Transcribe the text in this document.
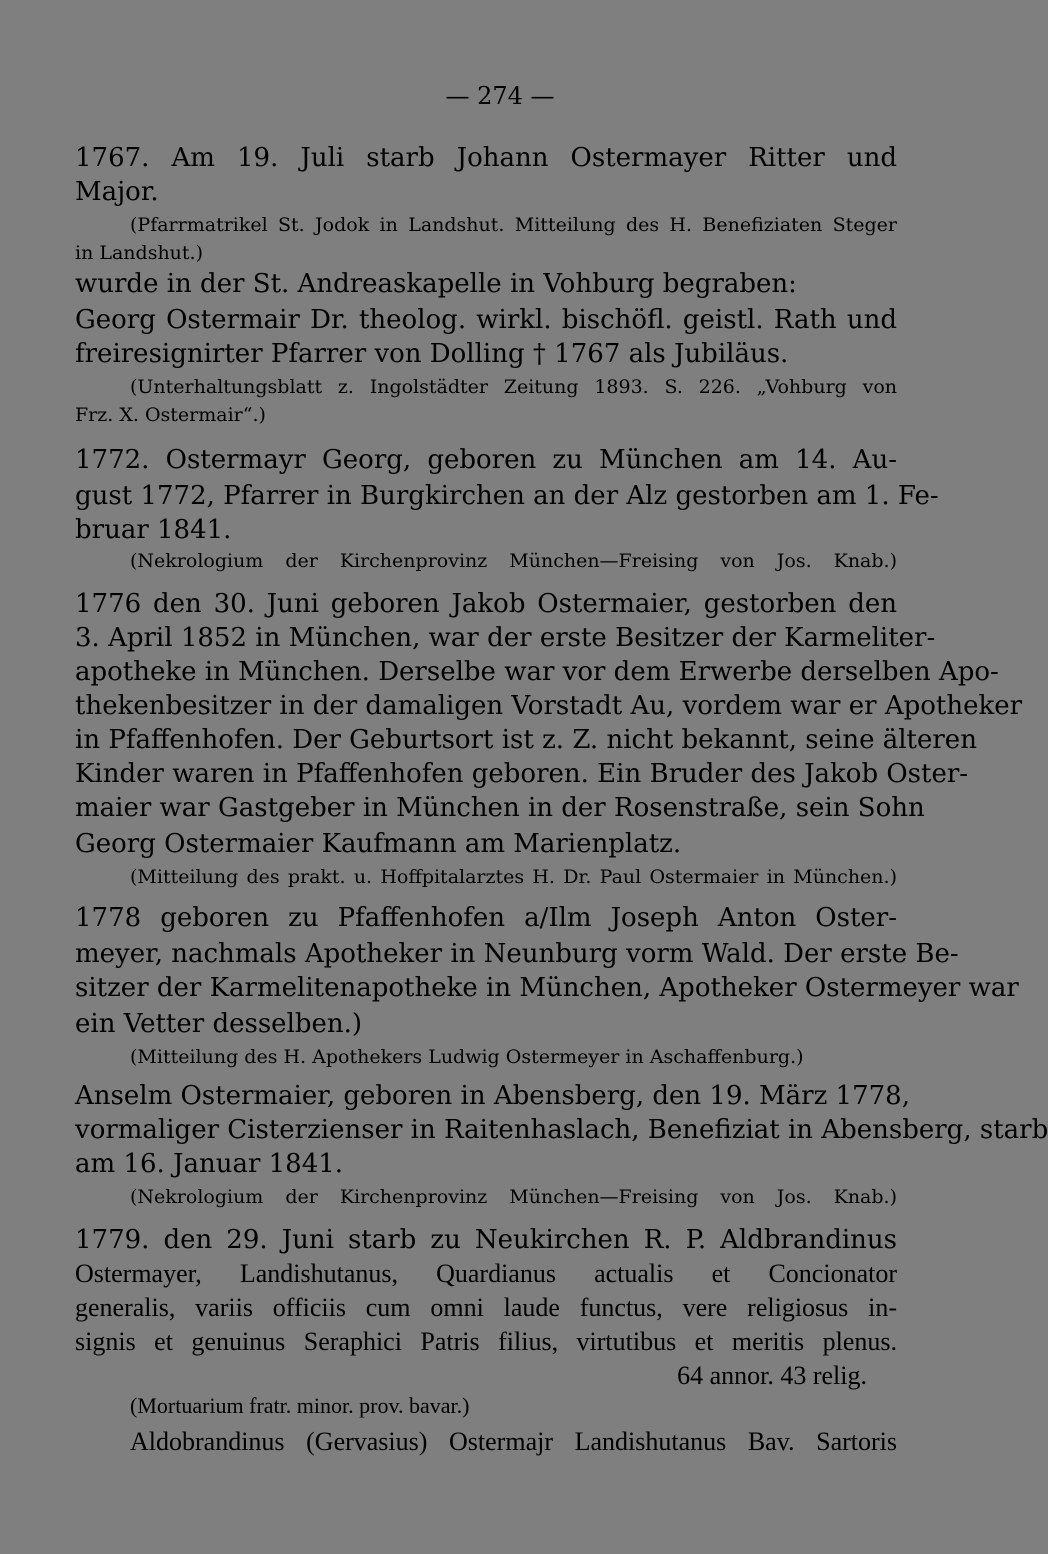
— 274 —
1767. Am 19. Juli starb Johann Ostermayer Ritter und
Major.
(Pfarrmatrikel St. Jodok in Landshut. Mitteilung des H. Benefiziaten Steger
in Landshut.)
wurde in der St. Andreaskapelle in Vohburg begraben:
Georg Ostermair Dr. theolog. wirkl. bischöfl. geistl. Rath und
freiresignirter Pfarrer von Dolling † 1767 als Jubiläus.
(Unterhaltungsblatt z. Ingolstädter Zeitung 1893. S. 226. „Vohburg von
Frz. X. Ostermair“.)
1772. Ostermayr Georg, geboren zu München am 14. Au-
gust 1772, Pfarrer in Burgkirchen an der Alz gestorben am 1. Fe-
bruar 1841.
(Nekrologium der Kirchenprovinz München—Freising von Jos. Knab.)
1776 den 30. Juni geboren Jakob Ostermaier, gestorben den
3. April 1852 in München, war der erste Besitzer der Karmeliter-
apotheke in München. Derselbe war vor dem Erwerbe derselben Apo-
thekenbesitzer in der damaligen Vorstadt Au, vordem war er Apotheker
in Pfaffenhofen. Der Geburtsort ist z. Z. nicht bekannt, seine älteren
Kinder waren in Pfaffenhofen geboren. Ein Bruder des Jakob Oster-
maier war Gastgeber in München in der Rosenstraße, sein Sohn
Georg Ostermaier Kaufmann am Marienplatz.
(Mitteilung des prakt. u. Hoffpitalarztes H. Dr. Paul Ostermaier in München.)
1778 geboren zu Pfaffenhofen a/Ilm Joseph Anton Oster-
meyer, nachmals Apotheker in Neunburg vorm Wald. Der erste Be-
sitzer der Karmelitenapotheke in München, Apotheker Ostermeyer war
ein Vetter desselben.)
(Mitteilung des H. Apothekers Ludwig Ostermeyer in Aschaffenburg.)
Anselm Ostermaier, geboren in Abensberg, den 19. März 1778,
vormaliger Cisterzienser in Raitenhaslach, Benefiziat in Abensberg, starb
am 16. Januar 1841.
(Nekrologium der Kirchenprovinz München—Freising von Jos. Knab.)
1779. den 29. Juni starb zu Neukirchen R. P. Aldbrandinus
Ostermayer, Landishutanus, Quardianus actualis et Concionator
generalis, variis officiis cum omni laude functus, vere religiosus in-
signis et genuinus Seraphici Patris filius, virtutibus et meritis plenus.
64 annor. 43 relig.
(Mortuarium fratr. minor. prov. bavar.)
Aldobrandinus (Gervasius) Ostermajr Landishutanus Bav. Sartoris
